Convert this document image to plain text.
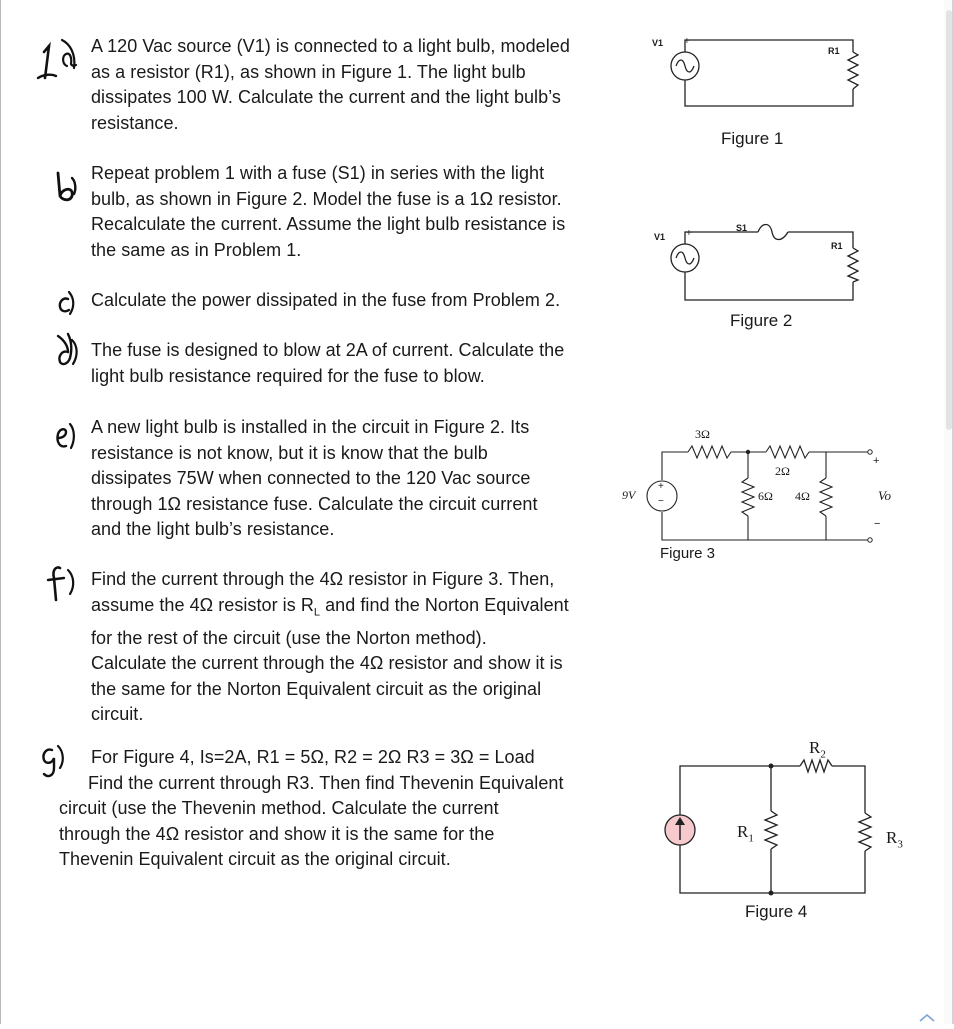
A 120 Vac source (V1) is connected to a light bulb, modeled
as a resistor (R1), as shown in Figure 1. The light bulb
dissipates 100 W. Calculate the current and the light bulb’s
resistance.
Repeat problem 1 with a fuse (S1) in series with the light
bulb, as shown in Figure 2. Model the fuse is a 1Ω resistor.
Recalculate the current. Assume the light bulb resistance is
the same as in Problem 1.
Calculate the power dissipated in the fuse from Problem 2.
The fuse is designed to blow at 2A of current. Calculate the
light bulb resistance required for the fuse to blow.
A new light bulb is installed in the circuit in Figure 2. Its
resistance is not know, but it is know that the bulb
dissipates 75W when connected to the 120 Vac source
through 1Ω resistance fuse. Calculate the circuit current
and the light bulb’s resistance.
Find the current through the 4Ω resistor in Figure 3. Then,
assume the 4Ω resistor is $R_L$ and find the Norton Equivalent
for the rest of the circuit (use the Norton method).
Calculate the current through the 4Ω resistor and show it is
the same for the Norton Equivalent circuit as the original
circuit.
For Figure 4, Is=2A, R1 = 5Ω, R2 = 2Ω R3 = 3Ω = Load
Find the current through R3. Then find Thevenin Equivalent
circuit (use the Thevenin method. Calculate the current
through the 4Ω resistor and show it is the same for the
Thevenin Equivalent circuit as the original circuit.
V1 +
R1
Figure 1
V1 +	S1
R1
Figure 2
9V
+
−
3Ω
2Ω
6Ω 4Ω
+
−
Vo
Figure 3
$R_1$
$R_2$
$R_3$
Figure 4
